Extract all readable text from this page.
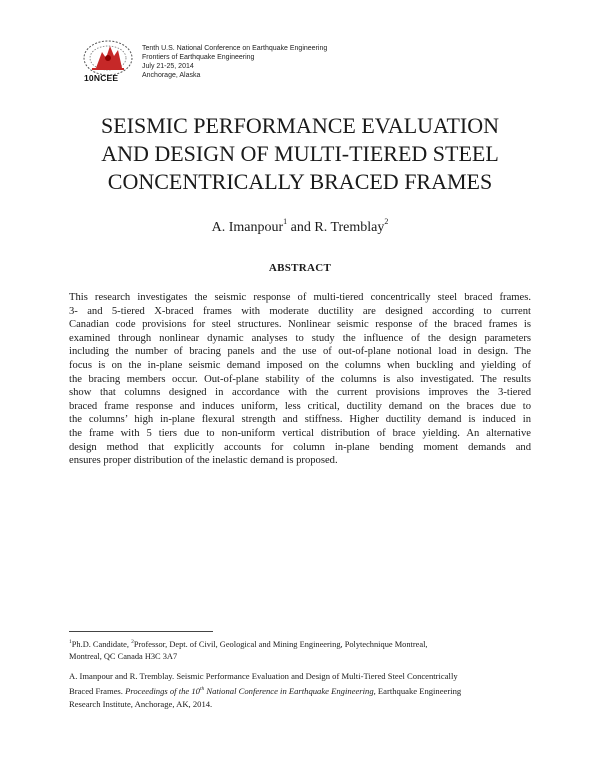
10NCEE
Tenth U.S. National Conference on Earthquake Engineering
Frontiers of Earthquake Engineering
July 21-25, 2014
Anchorage, Alaska
SEISMIC PERFORMANCE EVALUATION
AND DESIGN OF MULTI-TIERED STEEL
CONCENTRICALLY BRACED FRAMES
A. Imanpour$^1$ and R. Tremblay$^2$
ABSTRACT
This research investigates the seismic response of multi-tiered concentrically steel braced frames.
3- and 5-tiered X-braced frames with moderate ductility are designed according to current
Canadian code provisions for steel structures. Nonlinear seismic response of the braced frames is
examined through nonlinear dynamic analyses to study the influence of the design parameters
including the number of bracing panels and the use of out-of-plane notional load in design. The
focus is on the in-plane seismic demand imposed on the columns when buckling and yielding of
the bracing members occur. Out-of-plane stability of the columns is also investigated. The results
show that columns designed in accordance with the current provisions improves the 3-tiered
braced frame response and induces uniform, less critical, ductility demand on the braces due to
the columns’ high in-plane flexural strength and stiffness. Higher ductility demand is induced in
the frame with 5 tiers due to non-uniform vertical distribution of brace yielding. An alternative
design method that explicitly accounts for column in-plane bending moment demands and
ensures proper distribution of the inelastic demand is proposed.
$^1$Ph.D. Candidate, $^2$Professor, Dept. of Civil, Geological and Mining Engineering, Polytechnique Montreal,
Montreal, QC Canada H3C 3A7
A. Imanpour and R. Tremblay. Seismic Performance Evaluation and Design of Multi-Tiered Steel Concentrically
Braced Frames. Proceedings of the 10th National Conference in Earthquake Engineering, Earthquake Engineering
Research Institute, Anchorage, AK, 2014.
